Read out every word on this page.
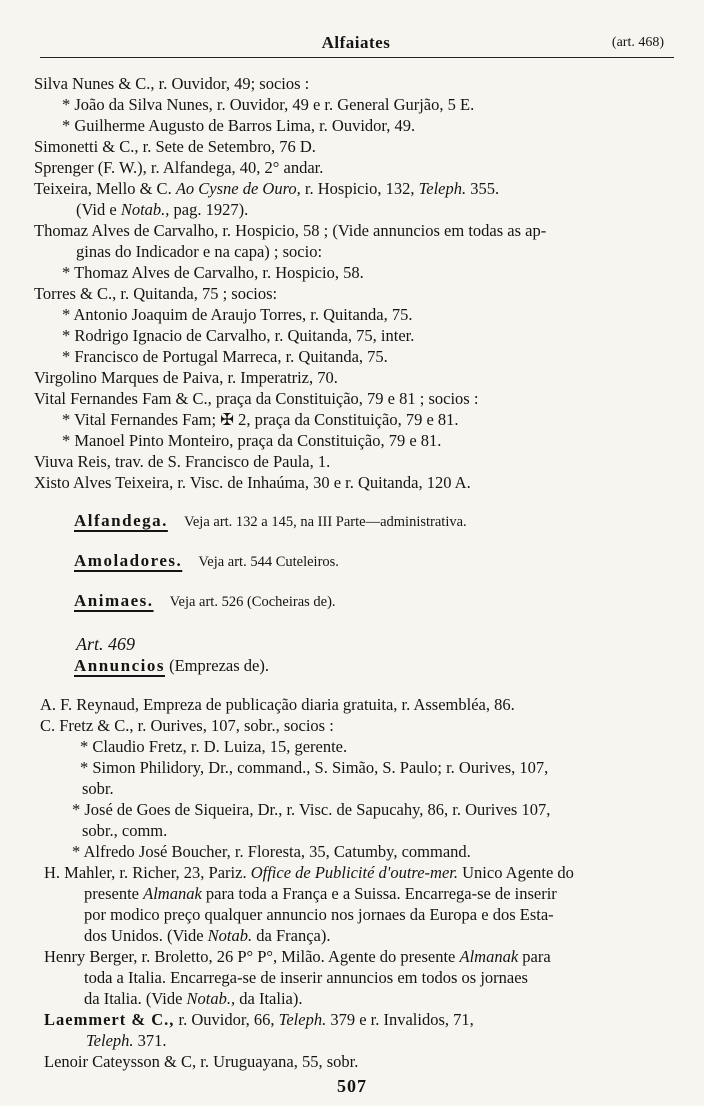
Alfaiates	(art. 468)
Silva Nunes & C., r. Ouvidor, 49; socios :
* João da Silva Nunes, r. Ouvidor, 49 e r. General Gurjão, 5 E.
* Guilherme Augusto de Barros Lima, r. Ouvidor, 49.
Simonetti & C., r. Sete de Setembro, 76 D.
Sprenger (F. W.), r. Alfandega, 40, 2° andar.
Teixeira, Mello & C. Ao Cysne de Ouro, r. Hospicio, 132, Teleph. 355.
(Vid e Notab., pag. 1927).
Thomaz Alves de Carvalho, r. Hospicio, 58 ; (Vide annuncios em todas as ap-
ginas do Indicador e na capa) ; socio:
* Thomaz Alves de Carvalho, r. Hospicio, 58.
Torres & C., r. Quitanda, 75 ; socios:
* Antonio Joaquim de Araujo Torres, r. Quitanda, 75.
* Rodrigo Ignacio de Carvalho, r. Quitanda, 75, inter.
* Francisco de Portugal Marreca, r. Quitanda, 75.
Virgolino Marques de Paiva, r. Imperatriz, 70.
Vital Fernandes Fam & C., praça da Constituição, 79 e 81 ; socios :
* Vital Fernandes Fam; ✠ 2, praça da Constituição, 79 e 81.
* Manoel Pinto Monteiro, praça da Constituição, 79 e 81.
Viuva Reis, trav. de S. Francisco de Paula, 1.
Xisto Alves Teixeira, r. Visc. de Inhaúma, 30 e r. Quitanda, 120 A.
Alfandega. Veja art. 132 a 145, na III Parte—administrativa.
Amoladores. Veja art. 544 Cuteleiros.
Animaes. Veja art. 526 (Cocheiras de).
Art. 469
Annuncios (Emprezas de).
A. F. Reynaud, Empreza de publicação diaria gratuita, r. Assembléa, 86.
C. Fretz & C., r. Ourives, 107, sobr., socios :
* Claudio Fretz, r. D. Luiza, 15, gerente.
* Simon Philidory, Dr., command., S. Simão, S. Paulo; r. Ourives, 107,
sobr.
* José de Goes de Siqueira, Dr., r. Visc. de Sapucahy, 86, r. Ourives 107,
sobr., comm.
* Alfredo José Boucher, r. Floresta, 35, Catumby, command.
H. Mahler, r. Richer, 23, Pariz. Office de Publicité d'outre-mer. Unico Agente do
presente Almanak para toda a França e a Suissa. Encarrega-se de inserir
por modico preço qualquer annuncio nos jornaes da Europa e dos Esta-
dos Unidos. (Vide Notab. da França).
Henry Berger, r. Broletto, 26 P° P°, Milão. Agente do presente Almanak para
toda a Italia. Encarrega-se de inserir annuncios em todos os jornaes
da Italia. (Vide Notab., da Italia).
Laemmert & C., r. Ouvidor, 66, Teleph. 379 e r. Invalidos, 71,
Teleph. 371.
Lenoir Cateysson & C, r. Uruguayana, 55, sobr.
507
